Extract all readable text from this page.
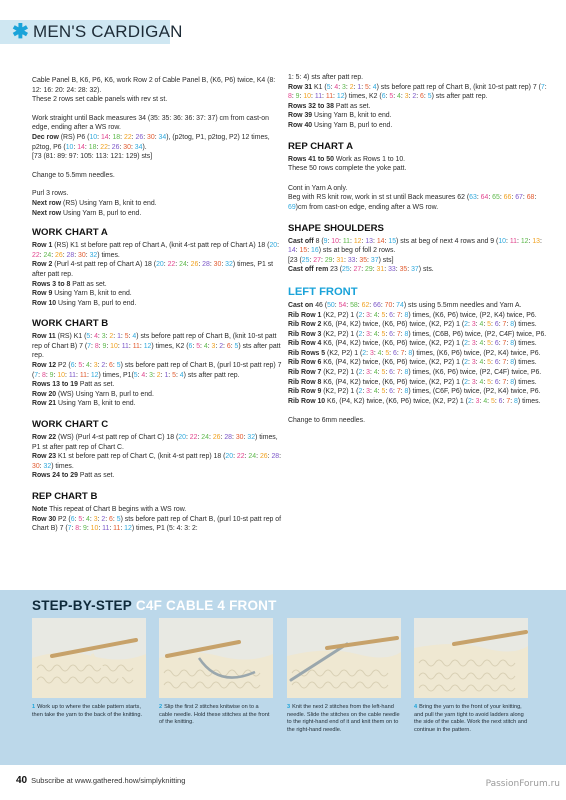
✱ MEN'S CARDIGAN

Cable Panel B, K6, P6, K6, work Row 2 of Cable Panel B, (K6, P6) twice, K4 (8: 12: 16: 20: 24: 28: 32).
These 2 rows set cable panels with rev st st.

Work straight until Back measures 34 (35: 35: 36: 36: 37: 37) cm from cast-on edge, ending after a WS row.
Dec row (RS) P6 (10: 14: 18: 22: 26: 30: 34), (p2tog, P1, p2tog, P2) 12 times, p2tog, P6 (10: 14: 18: 22: 26: 30: 34).
[73 (81: 89: 97: 105: 113: 121: 129) sts]

Change to 5.5mm needles.

Purl 3 rows.
Next row (RS) Using Yarn B, knit to end.
Next row Using Yarn B, purl to end.

WORK CHART A
Row 1 (RS) K1 st before patt rep of Chart A, (knit 4-st patt rep of Chart A) 18 (20: 22: 24: 26: 28: 30: 32) times.
Row 2 (Purl 4-st patt rep of Chart A) 18 (20: 22: 24: 26: 28: 30: 32) times, P1 st after patt rep.
Rows 3 to 8 Patt as set.
Row 9 Using Yarn B, knit to end.
Row 10 Using Yarn B, purl to end.
WORK CHART B
Row 11 (RS) K1 (5: 4: 3: 2: 1: 5: 4) sts before patt rep of Chart B, (knit 10-st patt rep of Chart B) 7 (7: 8: 9: 10: 11: 11: 12) times, K2 (6: 5: 4: 3: 2: 6: 5) sts after patt rep.
Row 12 P2 (6: 5: 4: 3: 2: 6: 5) sts before patt rep of Chart B, (purl 10-st patt rep) 7 (7: 8: 9: 10: 11: 11: 12) times, P1(5: 4: 3: 2: 1: 5: 4) sts after patt rep.
Rows 13 to 19 Patt as set.
Row 20 (WS) Using Yarn B, purl to end.
Row 21 Using Yarn B, knit to end.
WORK CHART C
Row 22 (WS) (Purl 4-st patt rep of Chart C) 18 (20: 22: 24: 26: 28: 30: 32) times, P1 st after patt rep of Chart C.
Row 23 K1 st before patt rep of Chart C, (knit 4-st patt rep) 18 (20: 22: 24: 26: 28: 30: 32) times.
Rows 24 to 29 Patt as set.
REP CHART B
Note This repeat of Chart B begins with a WS row.
Row 30 P2 (6: 5: 4: 3: 2: 6: 5) sts before patt rep of Chart B, (purl 10-st patt rep of Chart B) 7 (7: 8: 9: 10: 11: 11: 12) times, P1 (5: 4: 3: 2:
1: 5: 4) sts after patt rep.
Row 31 K1 (5: 4: 3: 2: 1: 5: 4) sts before patt rep of Chart B, (knit 10-st patt rep) 7 (7: 8: 9: 10: 11: 11: 12) times, K2 (6: 5: 4: 3: 2: 6: 5) sts after patt rep.
Rows 32 to 38 Patt as set.
Row 39 Using Yarn B, knit to end.
Row 40 Using Yarn B, purl to end.
REP CHART A
Rows 41 to 50 Work as Rows 1 to 10.
These 50 rows complete the yoke patt.
Cont in Yarn A only.
Beg with RS knit row, work in st st until Back measures 62 (63: 64: 65: 66: 67: 68: 69)cm from cast-on edge, ending after a WS row.
SHAPE SHOULDERS
Cast off 8 (9: 10: 11: 12: 13: 14: 15) sts at beg of next 4 rows and 9 (10: 11: 12: 13: 14: 15: 16) sts at beg of foll 2 rows.
[23 (25: 27: 29: 31: 33: 35: 37) sts]
Cast off rem 23 (25: 27: 29: 31: 33: 35: 37) sts.
LEFT FRONT
Cast on 46 (50: 54: 58: 62: 66: 70: 74) sts using 5.5mm needles and Yarn A.
Rib Row 1 (K2, P2) 1 (2: 3: 4: 5: 6: 7: 8) times, (K6, P6) twice, (P2, K4) twice, P6.
Rib Row 2 K6, (P4, K2) twice, (K6, P6) twice, (K2, P2) 1 (2: 3: 4: 5: 6: 7: 8) times.
Rib Row 3 (K2, P2) 1 (2: 3: 4: 5: 6: 7: 8) times, (C6B, P6) twice, (P2, C4F) twice, P6.
Rib Row 4 K6, (P4, K2) twice, (K6, P6) twice, (K2, P2) 1 (2: 3: 4: 5: 6: 7: 8) times.
Rib Rows 5 (K2, P2) 1 (2: 3: 4: 5: 6: 7: 8) times, (K6, P6) twice, (P2, K4) twice, P6.
Rib Row 6 K6, (P4, K2) twice, (K6, P6) twice, (K2, P2) 1 (2: 3: 4: 5: 6: 7: 8) times.
Rib Row 7 (K2, P2) 1 (2: 3: 4: 5: 6: 7: 8) times, (K6, P6) twice, (P2, C4F) twice, P6.
Rib Row 8 K6, (P4, K2) twice, (K6, P6) twice, (K2, P2) 1 (2: 3: 4: 5: 6: 7: 8) times.
Rib Row 9 (K2, P2) 1 (2: 3: 4: 5: 6: 7: 8) times, (C6F, P6) twice, (P2, K4) twice, P6.
Rib Row 10 K6, (P4, K2) twice, (K6, P6) twice, (K2, P2) 1 (2: 3: 4: 5: 6: 7: 8) times.

Change to 6mm needles.

STEP-BY-STEP C4F CABLE 4 FRONT
1 Work up to where the cable pattern starts, then take the yarn to the back of the knitting.
2 Slip the first 2 stitches knitwise on to a cable needle. Hold these stitches at the front of the knitting.
3 Knit the next 2 stitches from the left-hand needle. Slide the stitches on the cable needle to the right-hand end of it and knit them on to the right-hand needle.
4 Bring the yarn to the front of your knitting, and pull the yarn tight to avoid ladders along the side of the cable. Work the next stitch and continue in the pattern.
40 Subscribe at www.gathered.how/simplyknitting	PassionForum.ru
